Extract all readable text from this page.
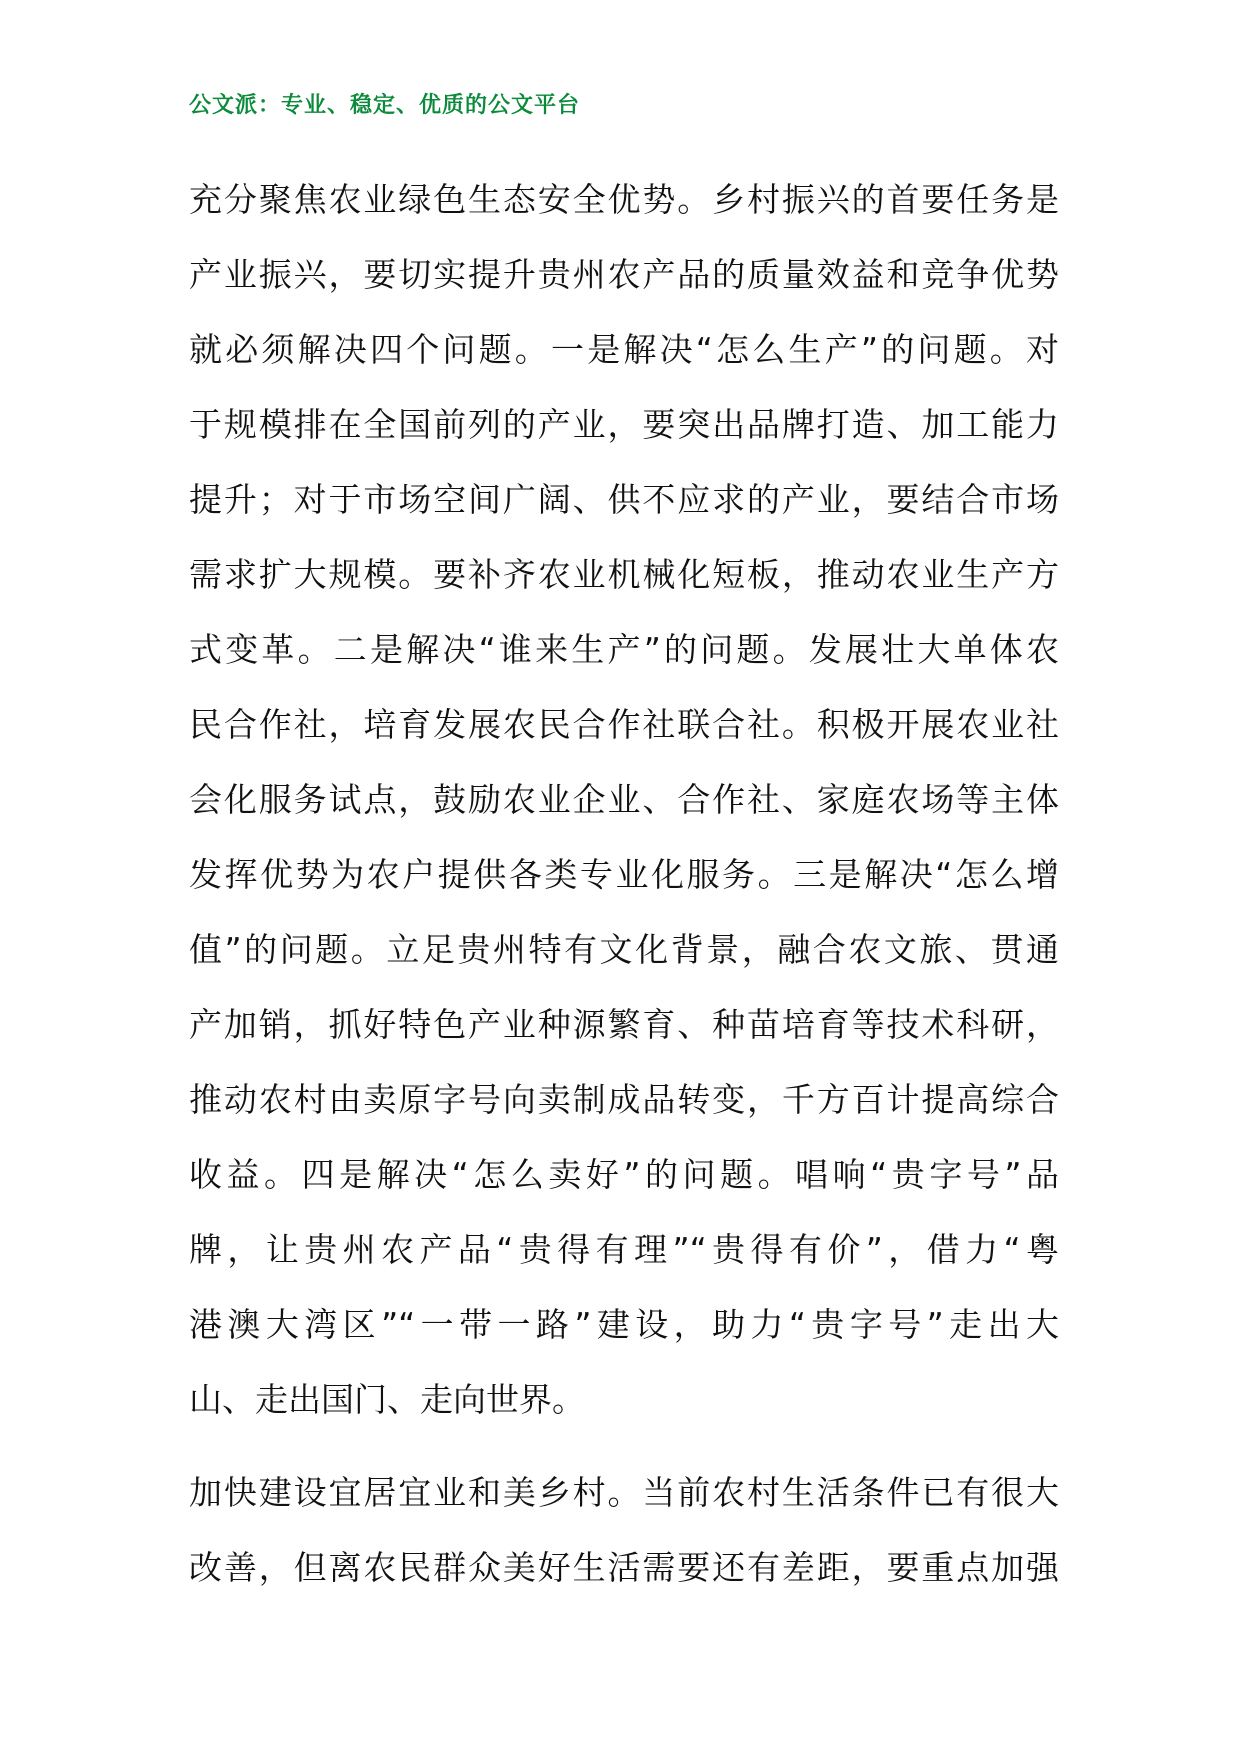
公文派：专业、稳定、优质的公文平台
充分聚焦农业绿色生态安全优势。乡村振兴的首要任务是
产业振兴，要切实提升贵州农产品的质量效益和竞争优势
就必须解决四个问题。一是解决“怎么生产”的问题。对
于规模排在全国前列的产业，要突出品牌打造、加工能力
提升；对于市场空间广阔、供不应求的产业，要结合市场
需求扩大规模。要补齐农业机械化短板，推动农业生产方
式变革。二是解决“谁来生产”的问题。发展壮大单体农
民合作社，培育发展农民合作社联合社。积极开展农业社
会化服务试点，鼓励农业企业、合作社、家庭农场等主体
发挥优势为农户提供各类专业化服务。三是解决“怎么增
值”的问题。立足贵州特有文化背景，融合农文旅、贯通
产加销，抓好特色产业种源繁育、种苗培育等技术科研，
推动农村由卖原字号向卖制成品转变，千方百计提高综合
收益。四是解决“怎么卖好”的问题。唱响“贵字号”品
牌，让贵州农产品“贵得有理”“贵得有价”，借力“粤
港澳大湾区”“一带一路”建设，助力“贵字号”走出大
山、走出国门、走向世界。
加快建设宜居宜业和美乡村。当前农村生活条件已有很大
改善，但离农民群众美好生活需要还有差距，要重点加强
